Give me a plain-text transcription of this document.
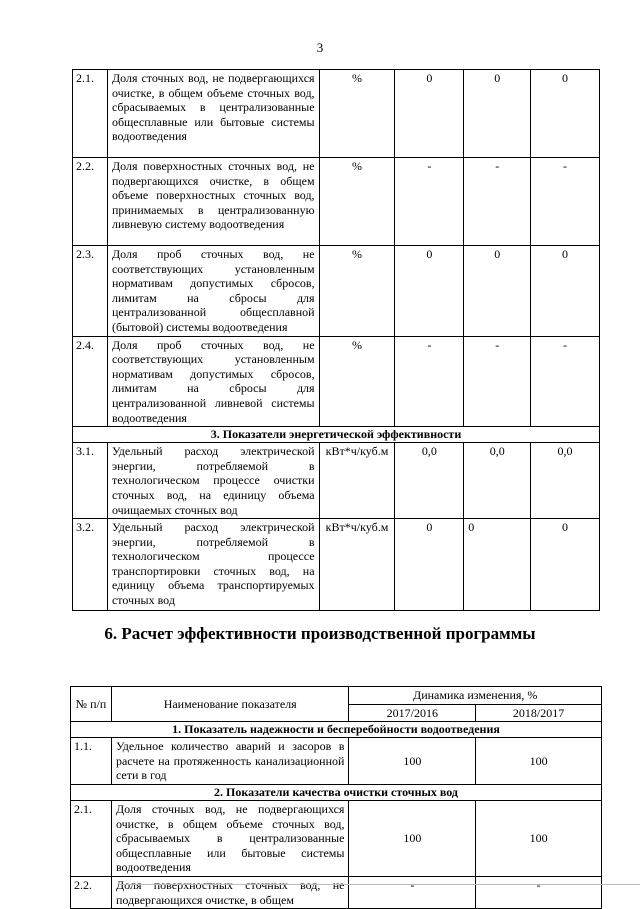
3
2.1.	Доля сточных вод, не подвергающихся очистке, в общем объеме сточных вод, сбрасываемых в централизованные общесплавные или бытовые системы водоотведения	%	0	0	0
2.2.	Доля поверхностных сточных вод, не подвергающихся очистке, в общем объеме поверхностных сточных вод, принимаемых в централизованную ливневую систему водоотведения	%	-	-	-
2.3.	Доля проб сточных вод, не соответствующих установленным нормативам допустимых сбросов, лимитам на сбросы для централизованной общесплавной (бытовой) системы водоотведения	%	0	0	0
2.4.	Доля проб сточных вод, не соответствующих установленным нормативам допустимых сбросов, лимитам на сбросы для централизованной ливневой системы водоотведения	%	-	-	-
3. Показатели энергетической эффективности					
3.1.	Удельный расход электрической энергии, потребляемой в технологическом процессе очистки сточных вод, на единицу объема очищаемых сточных вод	кВт*ч/куб.м	0,0	0,0	0,0
3.2.	Удельный расход электрической энергии, потребляемой в технологическом процессе транспортировки сточных вод, на единицу объема транспортируемых сточных вод	кВт*ч/куб.м	0	0	0
6. Расчет эффективности производственной программы
№ п/п	Наименование показателя	Динамика изменения, %	
		2017/2016	2018/2017
1. Показатель надежности и бесперебойности водоотведения			
1.1.	Удельное количество аварий и засоров в расчете на протяженность канализационной сети в год	100	100
2. Показатели качества очистки сточных вод			
2.1.	Доля сточных вод, не подвергающихся очистке, в общем объеме сточных вод, сбрасываемых в централизованные общесплавные или бытовые системы водоотведения	100	100
2.2.	Доля поверхностных сточных вод, не подвергающихся очистке, в общем	-	-
